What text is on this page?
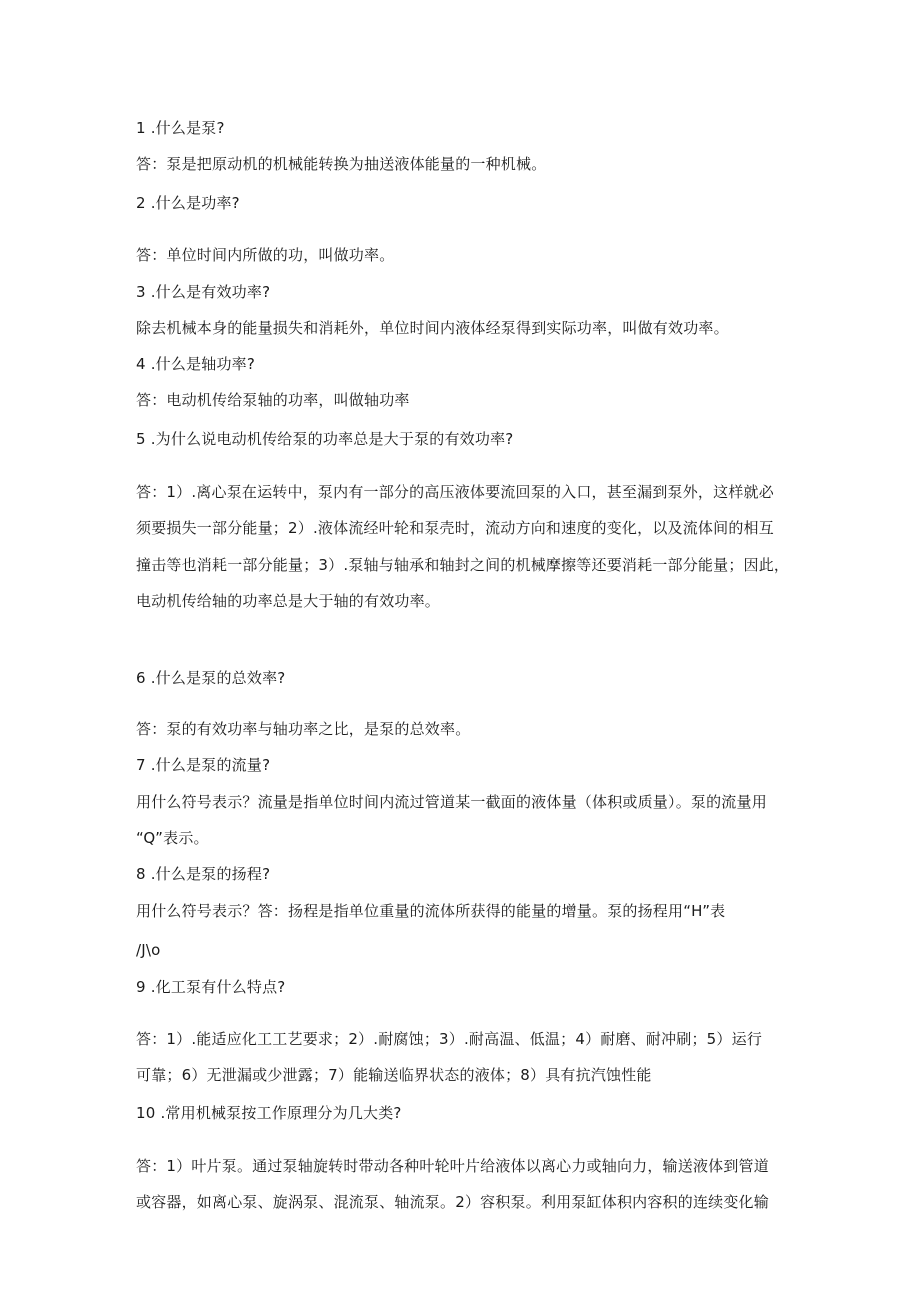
1 .什么是泵?
答：泵是把原动机的机械能转换为抽送液体能量的一种机械。
2 .什么是功率?
答：单位时间内所做的功，叫做功率。
3 .什么是有效功率?
除去机械本身的能量损失和消耗外，单位时间内液体经泵得到实际功率，叫做有效功率。
4 .什么是轴功率?
答：电动机传给泵轴的功率，叫做轴功率
5 .为什么说电动机传给泵的功率总是大于泵的有效功率?
答：1）.离心泵在运转中，泵内有一部分的高压液体要流回泵的入口，甚至漏到泵外，这样就必
须要损失一部分能量；2）.液体流经叶轮和泵壳时，流动方向和速度的变化，以及流体间的相互
撞击等也消耗一部分能量；3）.泵轴与轴承和轴封之间的机械摩擦等还要消耗一部分能量；因此，
电动机传给轴的功率总是大于轴的有效功率。
6 .什么是泵的总效率?
答：泵的有效功率与轴功率之比，是泵的总效率。
7 .什么是泵的流量?
用什么符号表示？流量是指单位时间内流过管道某一截面的液体量（体积或质量）。泵的流量用
“Q”表示。
8 .什么是泵的扬程?
用什么符号表示？答：扬程是指单位重量的流体所获得的能量的增量。泵的扬程用“H”表
/J\o
9 .化工泵有什么特点?
答：1）.能适应化工工艺要求；2）.耐腐蚀；3）.耐高温、低温；4）耐磨、耐冲刷；5）运行
可靠；6）无泄漏或少泄露；7）能输送临界状态的液体；8）具有抗汽蚀性能
10 .常用机械泵按工作原理分为几大类?
答：1）叶片泵。通过泵轴旋转时带动各种叶轮叶片给液体以离心力或轴向力，输送液体到管道
或容器，如离心泵、旋涡泵、混流泵、轴流泵。2）容积泵。利用泵缸体积内容积的连续变化输
